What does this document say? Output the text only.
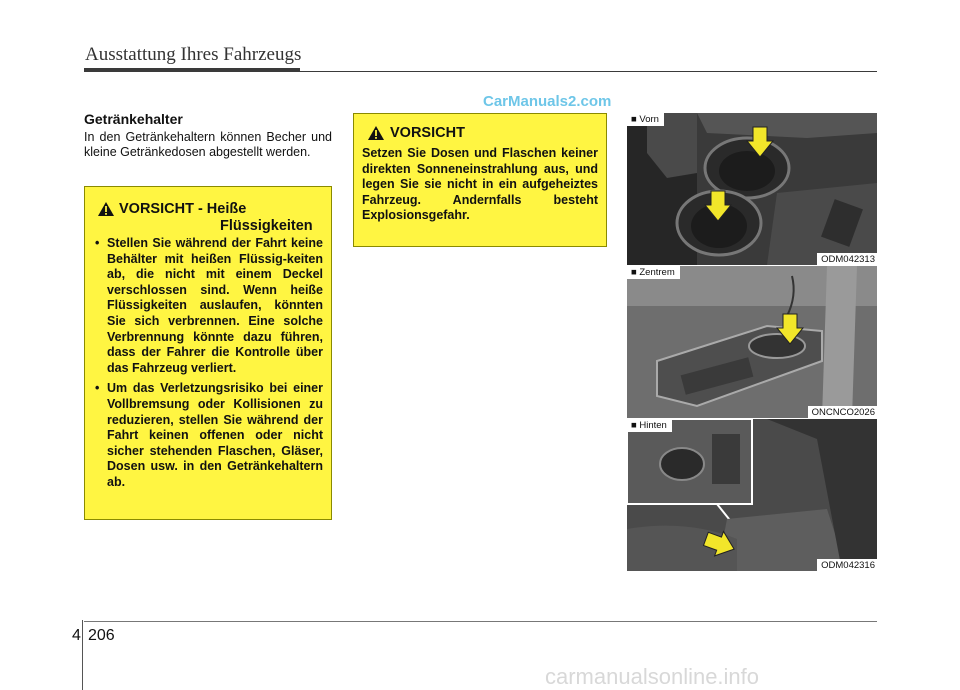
Ausstattung Ihres Fahrzeugs
CarManuals2.com
Getränkehalter
In den Getränkehaltern können Becher und kleine Getränkedosen abgestellt werden.
VORSICHT - Heiße
Flüssigkeiten
• Stellen Sie während der Fahrt keine Behälter mit heißen Flüssig-keiten ab, die nicht mit einem Deckel verschlossen sind. Wenn heiße Flüssigkeiten auslaufen, könnten Sie sich verbrennen. Eine solche Verbrennung könnte dazu führen, dass der Fahrer die Kontrolle über das Fahrzeug verliert.
• Um das Verletzungsrisiko bei einer Vollbremsung oder Kollisionen zu reduzieren, stellen Sie während der Fahrt keinen offenen oder nicht sicher stehenden Flaschen, Gläser, Dosen usw. in den Getränkehaltern ab.
VORSICHT
Setzen Sie Dosen und Flaschen keiner direkten Sonneneinstrahlung aus, und legen Sie sie nicht in ein aufgeheiztes Fahrzeug. Andernfalls besteht Explosionsgefahr.
■ Vorn
ODM042313
■ Zentrem
ONCNCO2026
■ Hinten
ODM042316
4 206
carmanualsonline.info
